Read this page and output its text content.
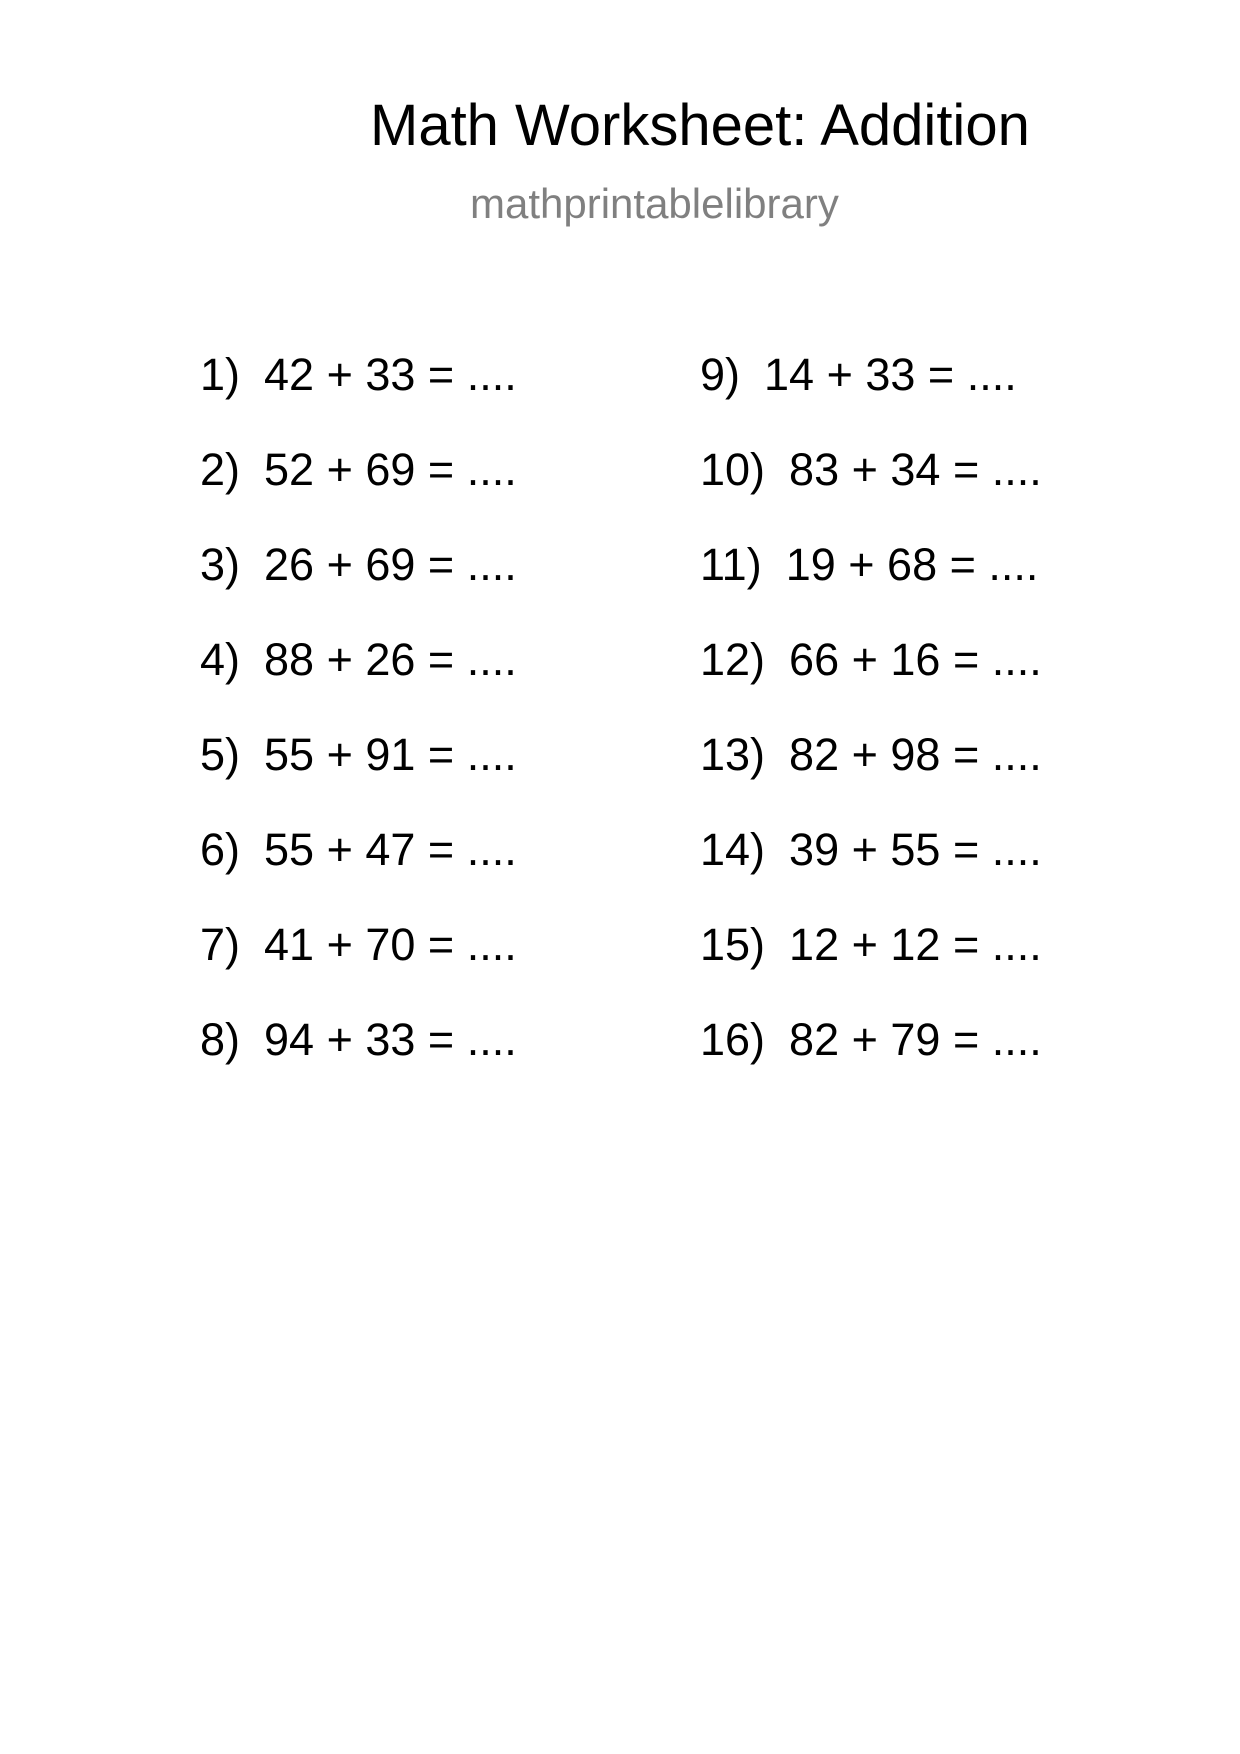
Math Worksheet: Addition
mathprintablelibrary
1) 42 + 33 = ....
2) 52 + 69 = ....
3) 26 + 69 = ....
4) 88 + 26 = ....
5) 55 + 91 = ....
6) 55 + 47 = ....
7) 41 + 70 = ....
8) 94 + 33 = ....
9) 14 + 33 = ....
10) 83 + 34 = ....
11) 19 + 68 = ....
12) 66 + 16 = ....
13) 82 + 98 = ....
14) 39 + 55 = ....
15) 12 + 12 = ....
16) 82 + 79 = ....
